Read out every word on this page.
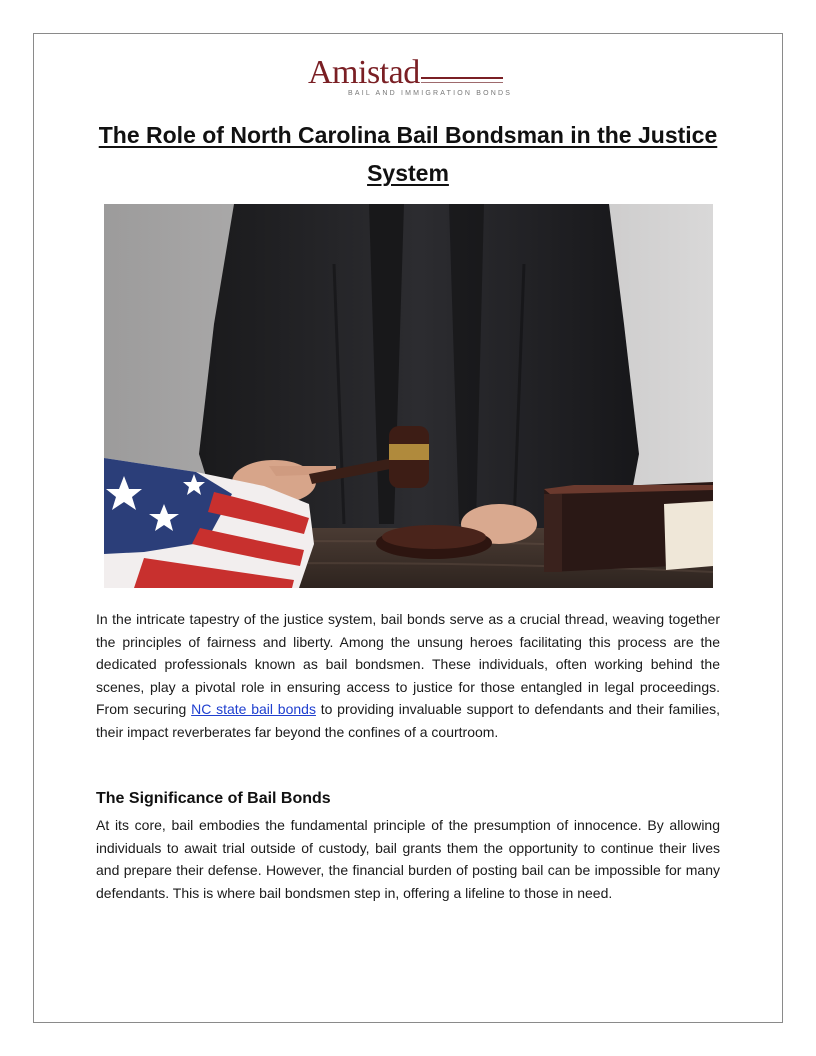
Amistad
BAIL AND IMMIGRATION BONDS
The Role of North Carolina Bail Bondsman in the Justice System

In the intricate tapestry of the justice system, bail bonds serve as a crucial thread, weaving together the principles of fairness and liberty. Among the unsung heroes facilitating this process are the dedicated professionals known as bail bondsmen. These individuals, often working behind the scenes, play a pivotal role in ensuring access to justice for those entangled in legal proceedings. From securing NC state bail bonds to providing invaluable support to defendants and their families, their impact reverberates far beyond the confines of a courtroom.

The Significance of Bail Bonds

At its core, bail embodies the fundamental principle of the presumption of innocence. By allowing individuals to await trial outside of custody, bail grants them the opportunity to continue their lives and prepare their defense. However, the financial burden of posting bail can be impossible for many defendants. This is where bail bondsmen step in, offering a lifeline to those in need.
